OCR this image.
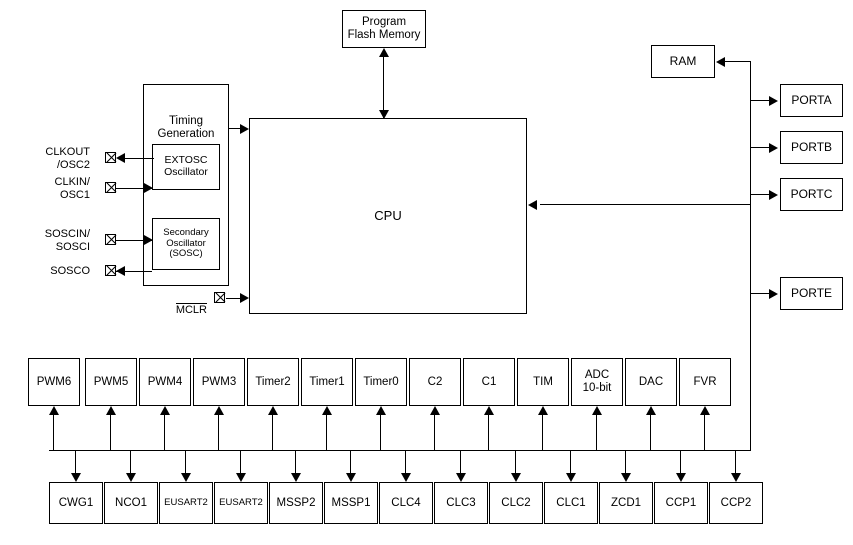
Program
Flash Memory
RAM
CPU

Timing
Generation

EXTOSC
Oscillator
Secondary
Oscillator
(SOSC)
CLKOUT
/OSC2
CLKIN/
OSC1
SOSCIN/
SOSCI
SOSCO

MCLR

PORTA
PORTB
PORTC
PORTE
PWM6	PWM5	PWM4	PWM3	Timer2	Timer1	Timer0	C2	C1	TIM
ADC
10-bit
DAC	FVR
CWG1	NCO1	EUSART2	EUSART2	MSSP2	MSSP1	CLC4	CLC3	CLC2	CLC1	ZCD1	CCP1	CCP2
